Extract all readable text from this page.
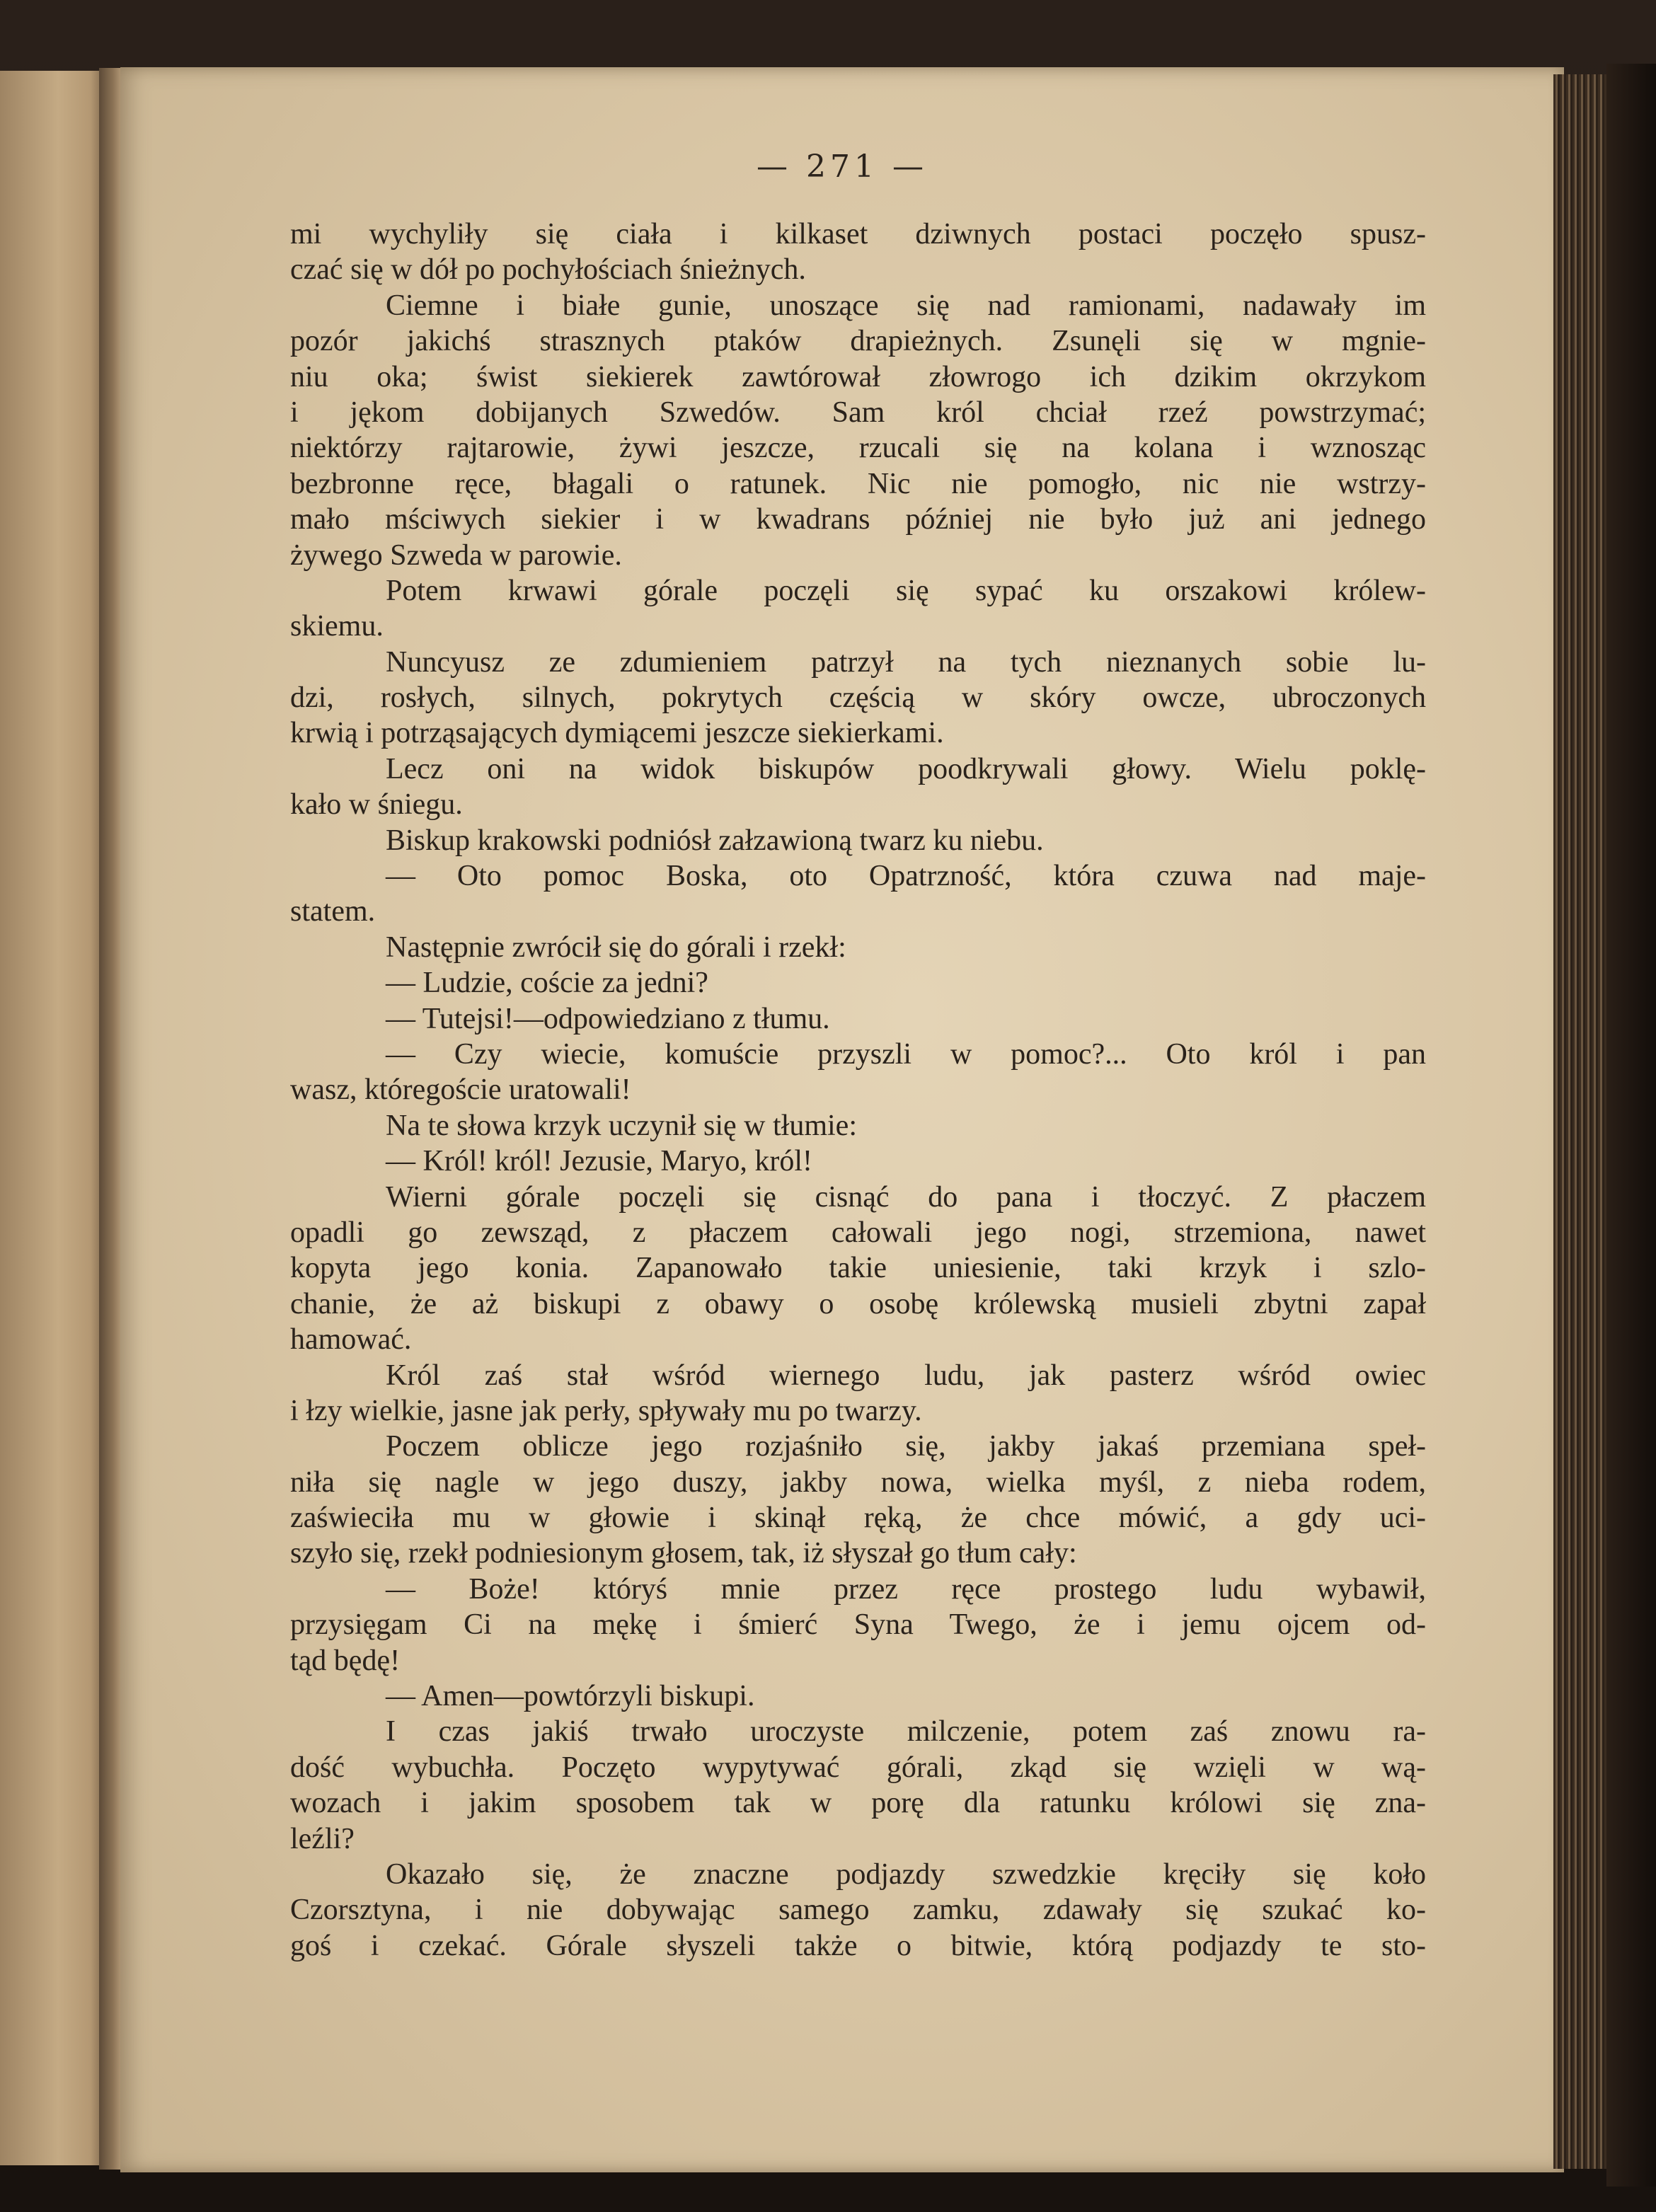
— 271 —
mi wychyliły się ciała i kilkaset dziwnych postaci poczęło spusz-
czać się w dół po pochyłościach śnieżnych.
Ciemne i białe gunie, unoszące się nad ramionami, nadawały im
pozór jakichś strasznych ptaków drapieżnych. Zsunęli się w mgnie-
niu oka; świst siekierek zawtórował złowrogo ich dzikim okrzykom
i jękom dobijanych Szwedów. Sam król chciał rzeź powstrzymać;
niektórzy rajtarowie, żywi jeszcze, rzucali się na kolana i wznosząc
bezbronne ręce, błagali o ratunek. Nic nie pomogło, nic nie wstrzy-
mało mściwych siekier i w kwadrans później nie było już ani jednego
żywego Szweda w parowie.
Potem krwawi górale poczęli się sypać ku orszakowi królew-
skiemu.
Nuncyusz ze zdumieniem patrzył na tych nieznanych sobie lu-
dzi, rosłych, silnych, pokrytych częścią w skóry owcze, ubroczonych
krwią i potrząsających dymiącemi jeszcze siekierkami.
Lecz oni na widok biskupów poodkrywali głowy. Wielu poklę-
kało w śniegu.
Biskup krakowski podniósł załzawioną twarz ku niebu.
— Oto pomoc Boska, oto Opatrzność, która czuwa nad maje-
statem.
Następnie zwrócił się do górali i rzekł:
— Ludzie, coście za jedni?
— Tutejsi!—odpowiedziano z tłumu.
— Czy wiecie, komuście przyszli w pomoc?... Oto król i pan
wasz, któregoście uratowali!
Na te słowa krzyk uczynił się w tłumie:
— Król! król! Jezusie, Maryo, król!
Wierni górale poczęli się cisnąć do pana i tłoczyć. Z płaczem
opadli go zewsząd, z płaczem całowali jego nogi, strzemiona, nawet
kopyta jego konia. Zapanowało takie uniesienie, taki krzyk i szlo-
chanie, że aż biskupi z obawy o osobę królewską musieli zbytni zapał
hamować.
Król zaś stał wśród wiernego ludu, jak pasterz wśród owiec
i łzy wielkie, jasne jak perły, spływały mu po twarzy.
Poczem oblicze jego rozjaśniło się, jakby jakaś przemiana speł-
niła się nagle w jego duszy, jakby nowa, wielka myśl, z nieba rodem,
zaświeciła mu w głowie i skinął ręką, że chce mówić, a gdy uci-
szyło się, rzekł podniesionym głosem, tak, iż słyszał go tłum cały:
— Boże! któryś mnie przez ręce prostego ludu wybawił,
przysięgam Ci na mękę i śmierć Syna Twego, że i jemu ojcem od-
tąd będę!
— Amen—powtórzyli biskupi.
I czas jakiś trwało uroczyste milczenie, potem zaś znowu ra-
dość wybuchła. Poczęto wypytywać górali, zkąd się wzięli w wą-
wozach i jakim sposobem tak w porę dla ratunku królowi się zna-
leźli?
Okazało się, że znaczne podjazdy szwedzkie kręciły się koło
Czorsztyna, i nie dobywając samego zamku, zdawały się szukać ko-
goś i czekać. Górale słyszeli także o bitwie, którą podjazdy te sto-
